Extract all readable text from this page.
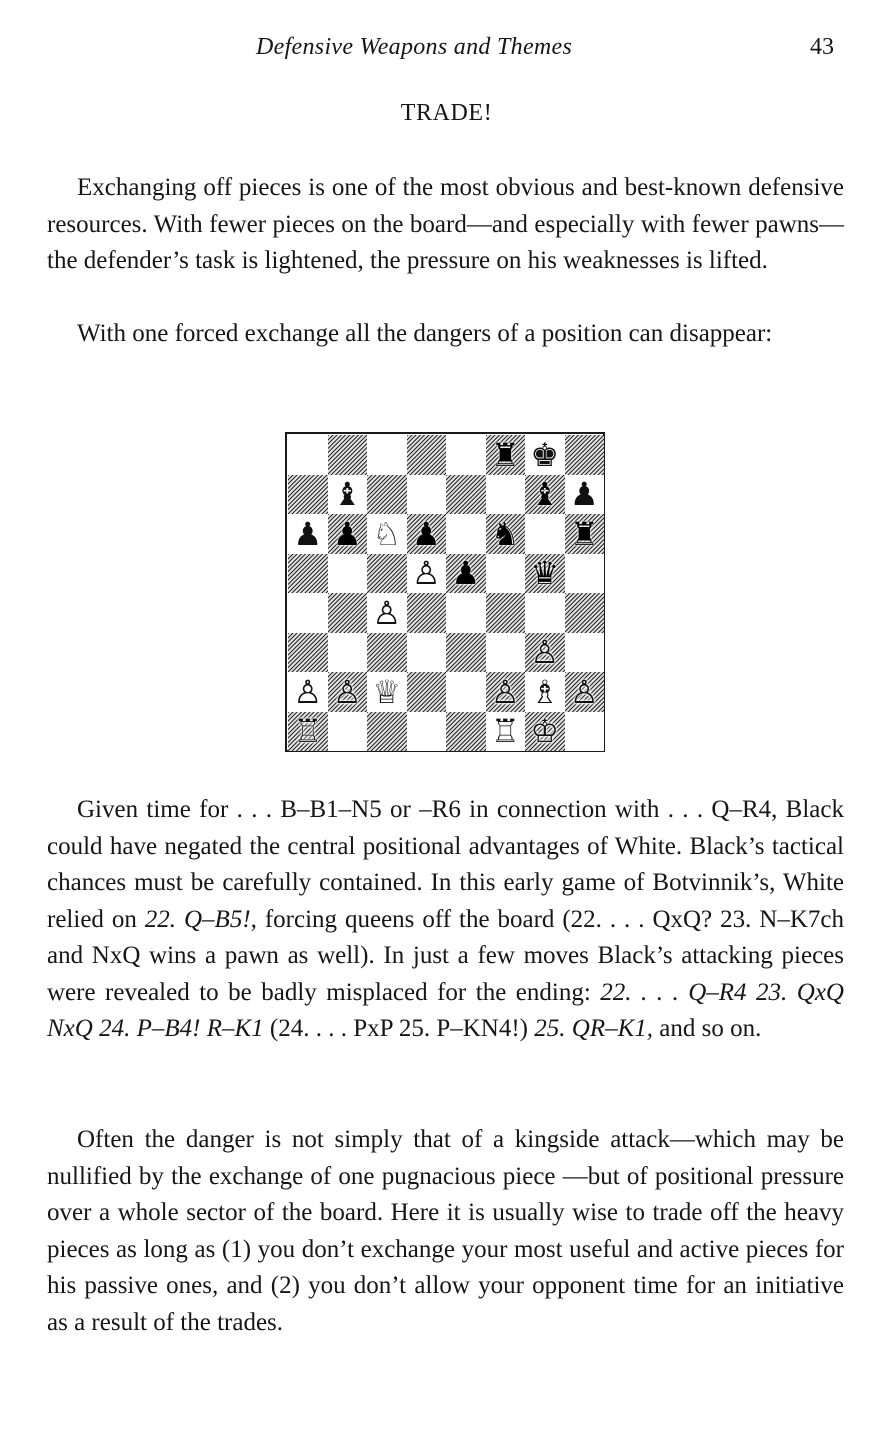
Defensive Weapons and Themes	43
TRADE!

Exchanging off pieces is one of the most obvious and best-known defensive resources. With fewer pieces on the board—and especially with fewer pawns—the defender’s task is lightened, the pressure on his weaknesses is lifted.

With one forced exchange all the dangers of a position can disappear:

♜ ♚
♝	♝ ♟
♟ ♟ ♘ ♟ ♞ ♜
♙ ♟ ♛
♙
♙
♙ ♙ ♕	♙ ♗ ♙
♖	♖ ♔

Given time for . . . B–B1–N5 or –R6 in connection with . . . Q–R4, Black could have negated the central positional advantages of White. Black’s tactical chances must be carefully contained. In this early game of Botvinnik’s, White relied on 22. Q–B5!, forcing queens off the board (22. . . . QxQ? 23. N–K7ch and NxQ wins a pawn as well). In just a few moves Black’s attacking pieces were revealed to be badly misplaced for the ending: 22. . . . Q–R4 23. QxQ NxQ 24. P–B4! R–K1 (24. . . . PxP 25. P–KN4!) 25. QR–K1, and so on.

Often the danger is not simply that of a kingside attack—which may be nullified by the exchange of one pugnacious piece —but of positional pressure over a whole sector of the board. Here it is usually wise to trade off the heavy pieces as long as (1) you don’t exchange your most useful and active pieces for his passive ones, and (2) you don’t allow your opponent time for an initiative as a result of the trades.
